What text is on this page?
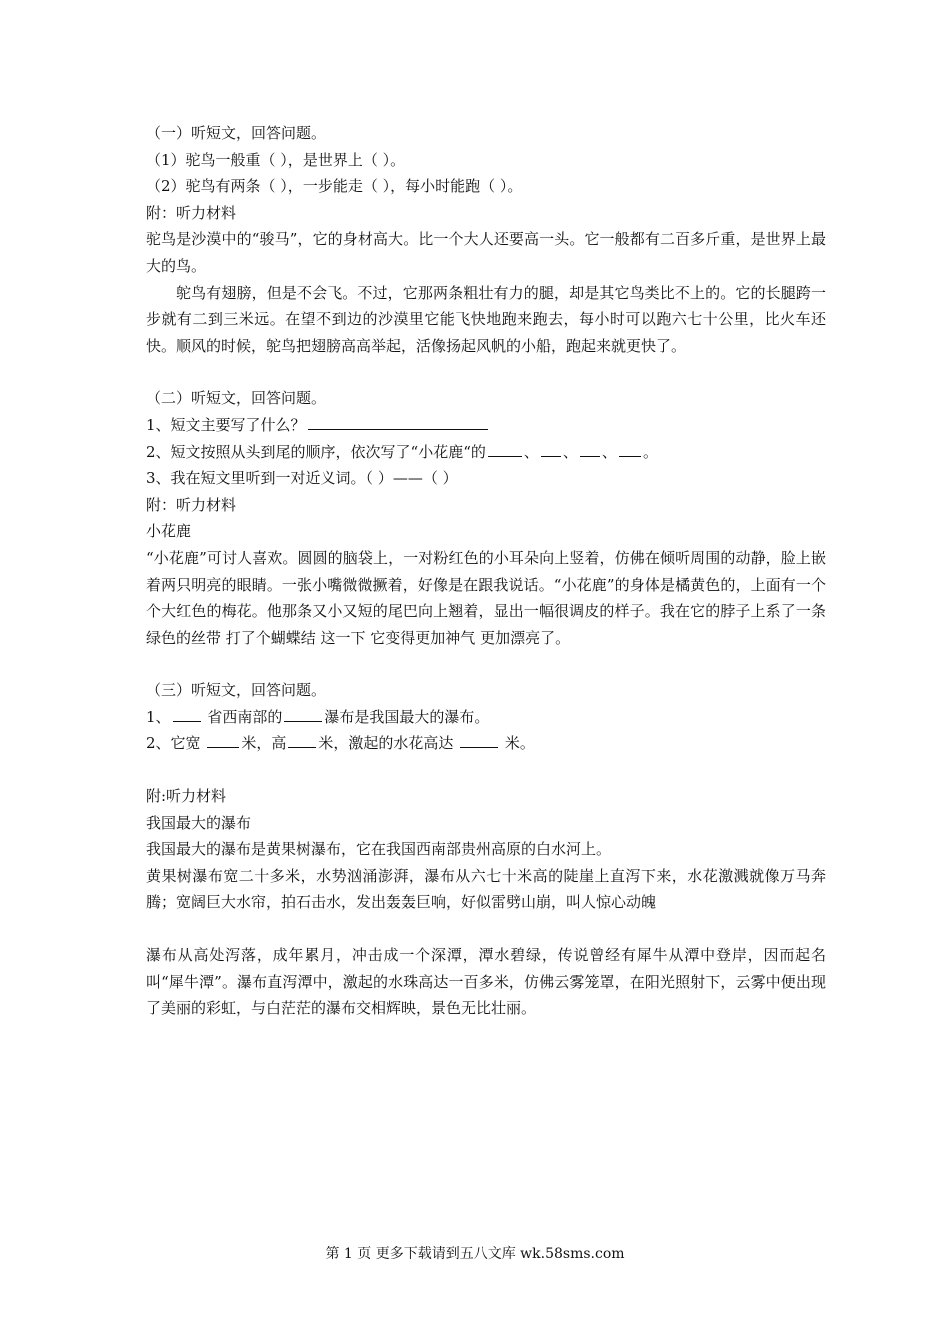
（一）听短文，回答问题。
（1）驼鸟一般重（ ），是世界上（ ）。
（2）驼鸟有两条（ ），一步能走（ ），每小时能跑（ ）。
附：听力材料
驼鸟是沙漠中的“骏马”，它的身材高大。比一个大人还要高一头。它一般都有二百多斤重，是世界上最大的鸟。
鸵鸟有翅膀，但是不会飞。不过，它那两条粗壮有力的腿，却是其它鸟类比不上的。它的长腿跨一步就有二到三米远。在望不到边的沙漠里它能飞快地跑来跑去，每小时可以跑六七十公里，比火车还快。顺风的时候，鸵鸟把翅膀高高举起，活像扬起风帆的小船，跑起来就更快了。
（二）听短文，回答问题。
1、短文主要写了什么？
2、短文按照从头到尾的顺序，依次写了“小花鹿“的	、 、 、 。
3、我在短文里听到一对近义词。（ ）——（ ）
附：听力材料
小花鹿
“小花鹿”可讨人喜欢。圆圆的脑袋上，一对粉红色的小耳朵向上竖着，仿佛在倾听周围的动静，脸上嵌着两只明亮的眼睛。一张小嘴微微撅着，好像是在跟我说话。“小花鹿”的身体是橘黄色的，上面有一个个大红色的梅花。他那条又小又短的尾巴向上翘着，显出一幅很调皮的样子。我在它的脖子上系了一条绿色的丝带 打了个蝴蝶结 这一下 它变得更加神气 更加漂亮了。
（三）听短文，回答问题。
1、 省西南部的	瀑布是我国最大的瀑布。
2、它宽 米，高 米，激起的水花高达	米。
附:听力材料
我国最大的瀑布
我国最大的瀑布是黄果树瀑布，它在我国西南部贵州高原的白水河上。
黄果树瀑布宽二十多米，水势汹涌澎湃，瀑布从六七十米高的陡崖上直泻下来，水花激溅就像万马奔腾；宽阔巨大水帘，拍石击水，发出轰轰巨响，好似雷劈山崩，叫人惊心动魄
瀑布从高处泻落，成年累月，冲击成一个深潭，潭水碧绿，传说曾经有犀牛从潭中登岸，因而起名叫“犀牛潭”。瀑布直泻潭中，激起的水珠高达一百多米，仿佛云雾笼罩，在阳光照射下，云雾中便出现了美丽的彩虹，与白茫茫的瀑布交相辉映，景色无比壮丽。
第 1 页 更多下载请到五八文库 wk.58sms.com
